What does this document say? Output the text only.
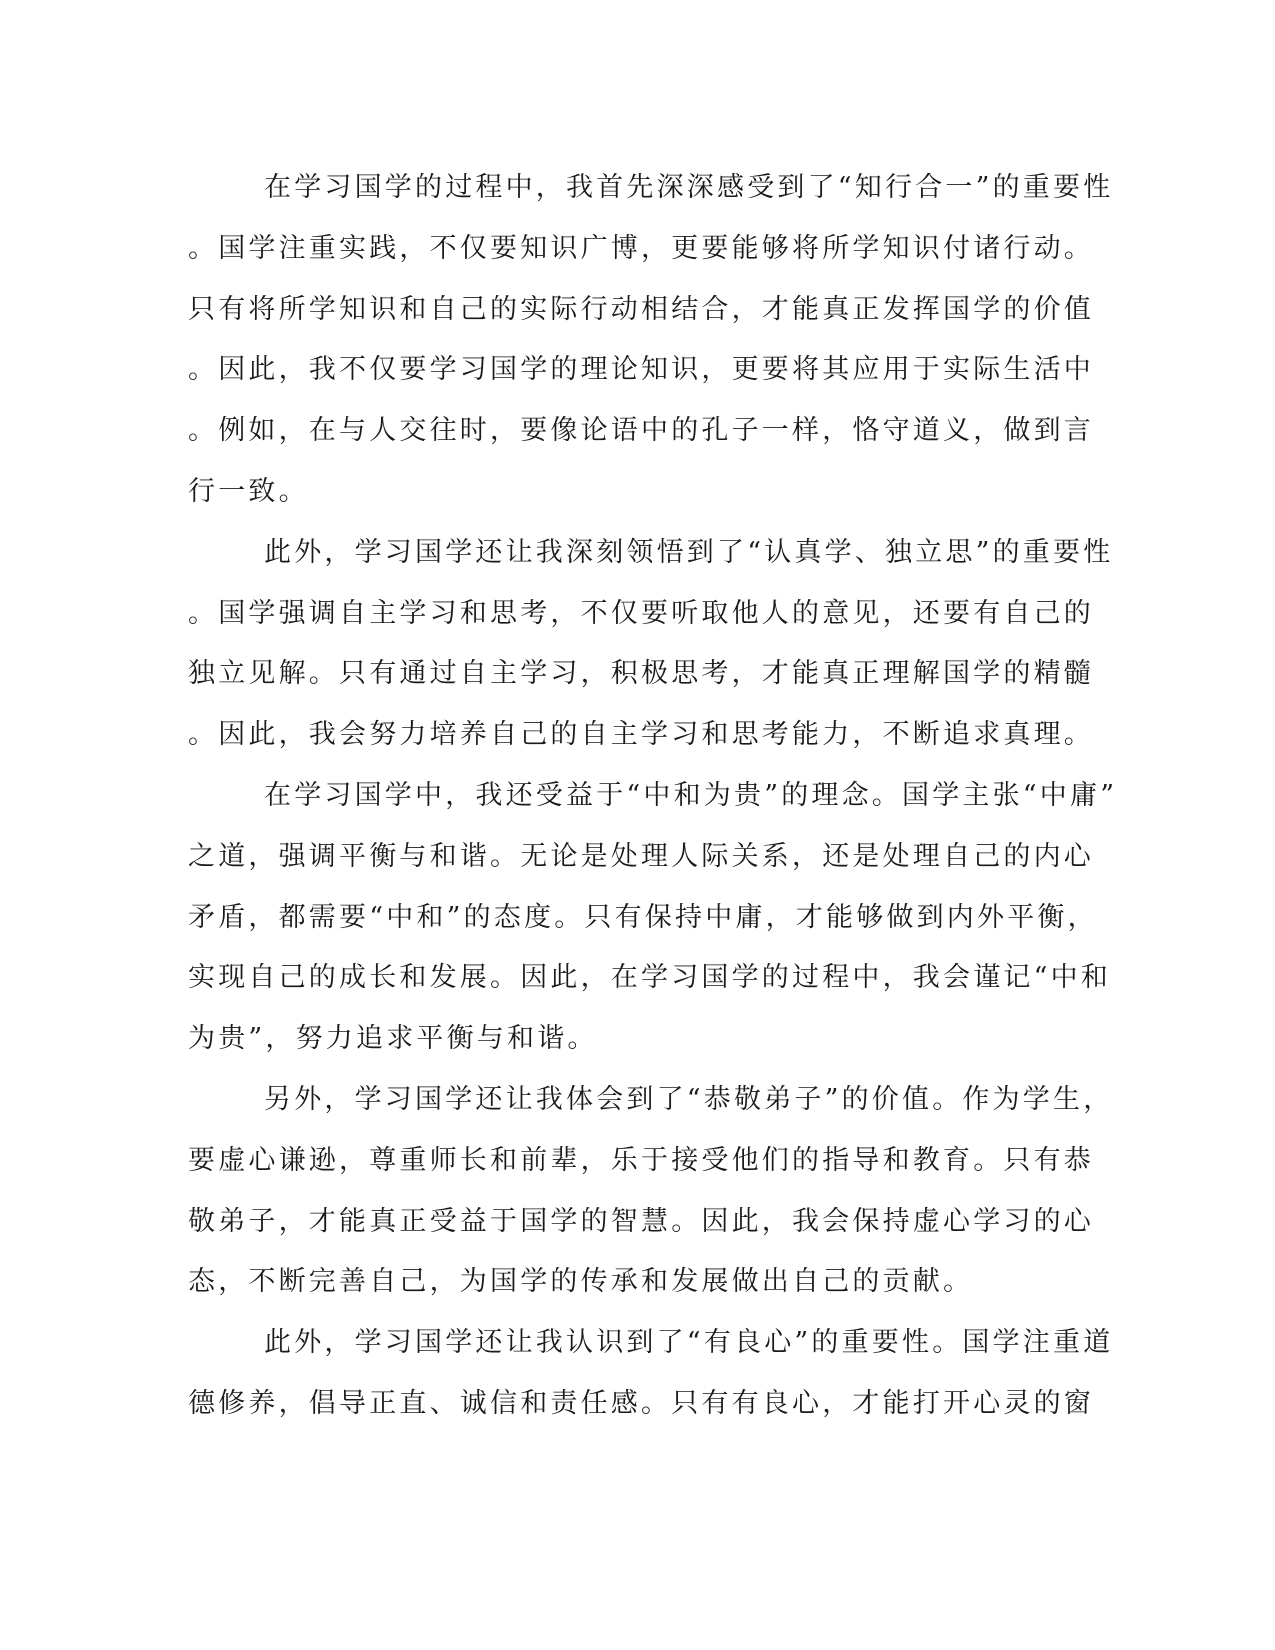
在学习国学的过程中，我首先深深感受到了“知行合一”的重要性
。国学注重实践，不仅要知识广博，更要能够将所学知识付诸行动。
只有将所学知识和自己的实际行动相结合，才能真正发挥国学的价值
。因此，我不仅要学习国学的理论知识，更要将其应用于实际生活中
。例如，在与人交往时，要像论语中的孔子一样，恪守道义，做到言
行一致。
此外，学习国学还让我深刻领悟到了“认真学、独立思”的重要性
。国学强调自主学习和思考，不仅要听取他人的意见，还要有自己的
独立见解。只有通过自主学习，积极思考，才能真正理解国学的精髓
。因此，我会努力培养自己的自主学习和思考能力，不断追求真理。
在学习国学中，我还受益于“中和为贵”的理念。国学主张“中庸”
之道，强调平衡与和谐。无论是处理人际关系，还是处理自己的内心
矛盾，都需要“中和”的态度。只有保持中庸，才能够做到内外平衡，
实现自己的成长和发展。因此，在学习国学的过程中，我会谨记“中和
为贵”，努力追求平衡与和谐。
另外，学习国学还让我体会到了“恭敬弟子”的价值。作为学生，
要虚心谦逊，尊重师长和前辈，乐于接受他们的指导和教育。只有恭
敬弟子，才能真正受益于国学的智慧。因此，我会保持虚心学习的心
态，不断完善自己，为国学的传承和发展做出自己的贡献。
此外，学习国学还让我认识到了“有良心”的重要性。国学注重道
德修养，倡导正直、诚信和责任感。只有有良心，才能打开心灵的窗
